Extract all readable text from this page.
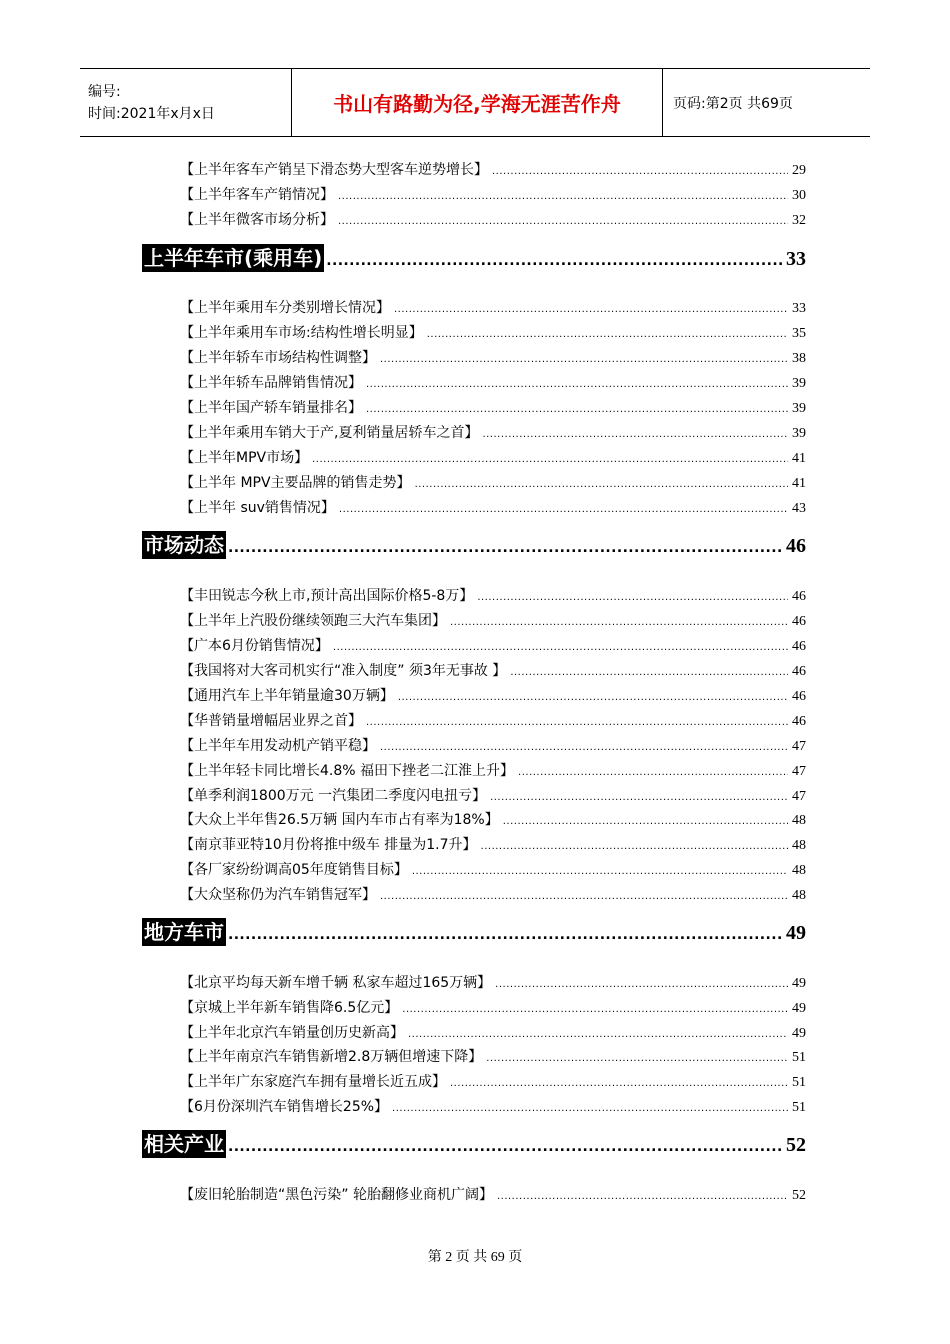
编号:
时间:2021年x月x日	书山有路勤为径,学海无涯苦作舟	页码:第2页 共69页
【上半年客车产销呈下滑态势大型客车逆势增长】 .....	29
【上半年客车产销情况】 .....	30
【上半年微客市场分析】 .....	32
上半年车市(乘用车) .....	33
【上半年乘用车分类别增长情况】 .....	33
【上半年乘用车市场:结构性增长明显】 .....	35
【上半年轿车市场结构性调整】 .....	38
【上半年轿车品牌销售情况】 .....	39
【上半年国产轿车销量排名】 .....	39
【上半年乘用车销大于产,夏利销量居轿车之首】 .....	39
【上半年MPV市场】 .....	41
【上半年 MPV主要品牌的销售走势】 .....	41
【上半年 suv销售情况】 .....	43
市场动态 .....	46
【丰田锐志今秋上市,预计高出国际价格5-8万】 .....	46
【上半年上汽股份继续领跑三大汽车集团】 .....	46
【广本6月份销售情况】 .....	46
【我国将对大客司机实行“准入制度” 须3年无事故 】 .....	46
【通用汽车上半年销量逾30万辆】 .....	46
【华普销量增幅居业界之首】 .....	46
【上半年车用发动机产销平稳】 .....	47
【上半年轻卡同比增长4.8% 福田下挫老二江淮上升】 .....	47
【单季利润1800万元 一汽集团二季度闪电扭亏】 .....	47
【大众上半年售26.5万辆 国内车市占有率为18%】 .....	48
【南京菲亚特10月份将推中级车 排量为1.7升】 .....	48
【各厂家纷纷调高05年度销售目标】 .....	48
【大众坚称仍为汽车销售冠军】 .....	48
地方车市 .....	49
【北京平均每天新车增千辆 私家车超过165万辆】 .....	49
【京城上半年新车销售降6.5亿元】 .....	49
【上半年北京汽车销量创历史新高】 .....	49
【上半年南京汽车销售新增2.8万辆但增速下降】 .....	51
【上半年广东家庭汽车拥有量增长近五成】 .....	51
【6月份深圳汽车销售增长25%】 .....	51
相关产业 .....	52
【废旧轮胎制造“黑色污染” 轮胎翻修业商机广阔】 .....	52
第 2 页 共 69 页
